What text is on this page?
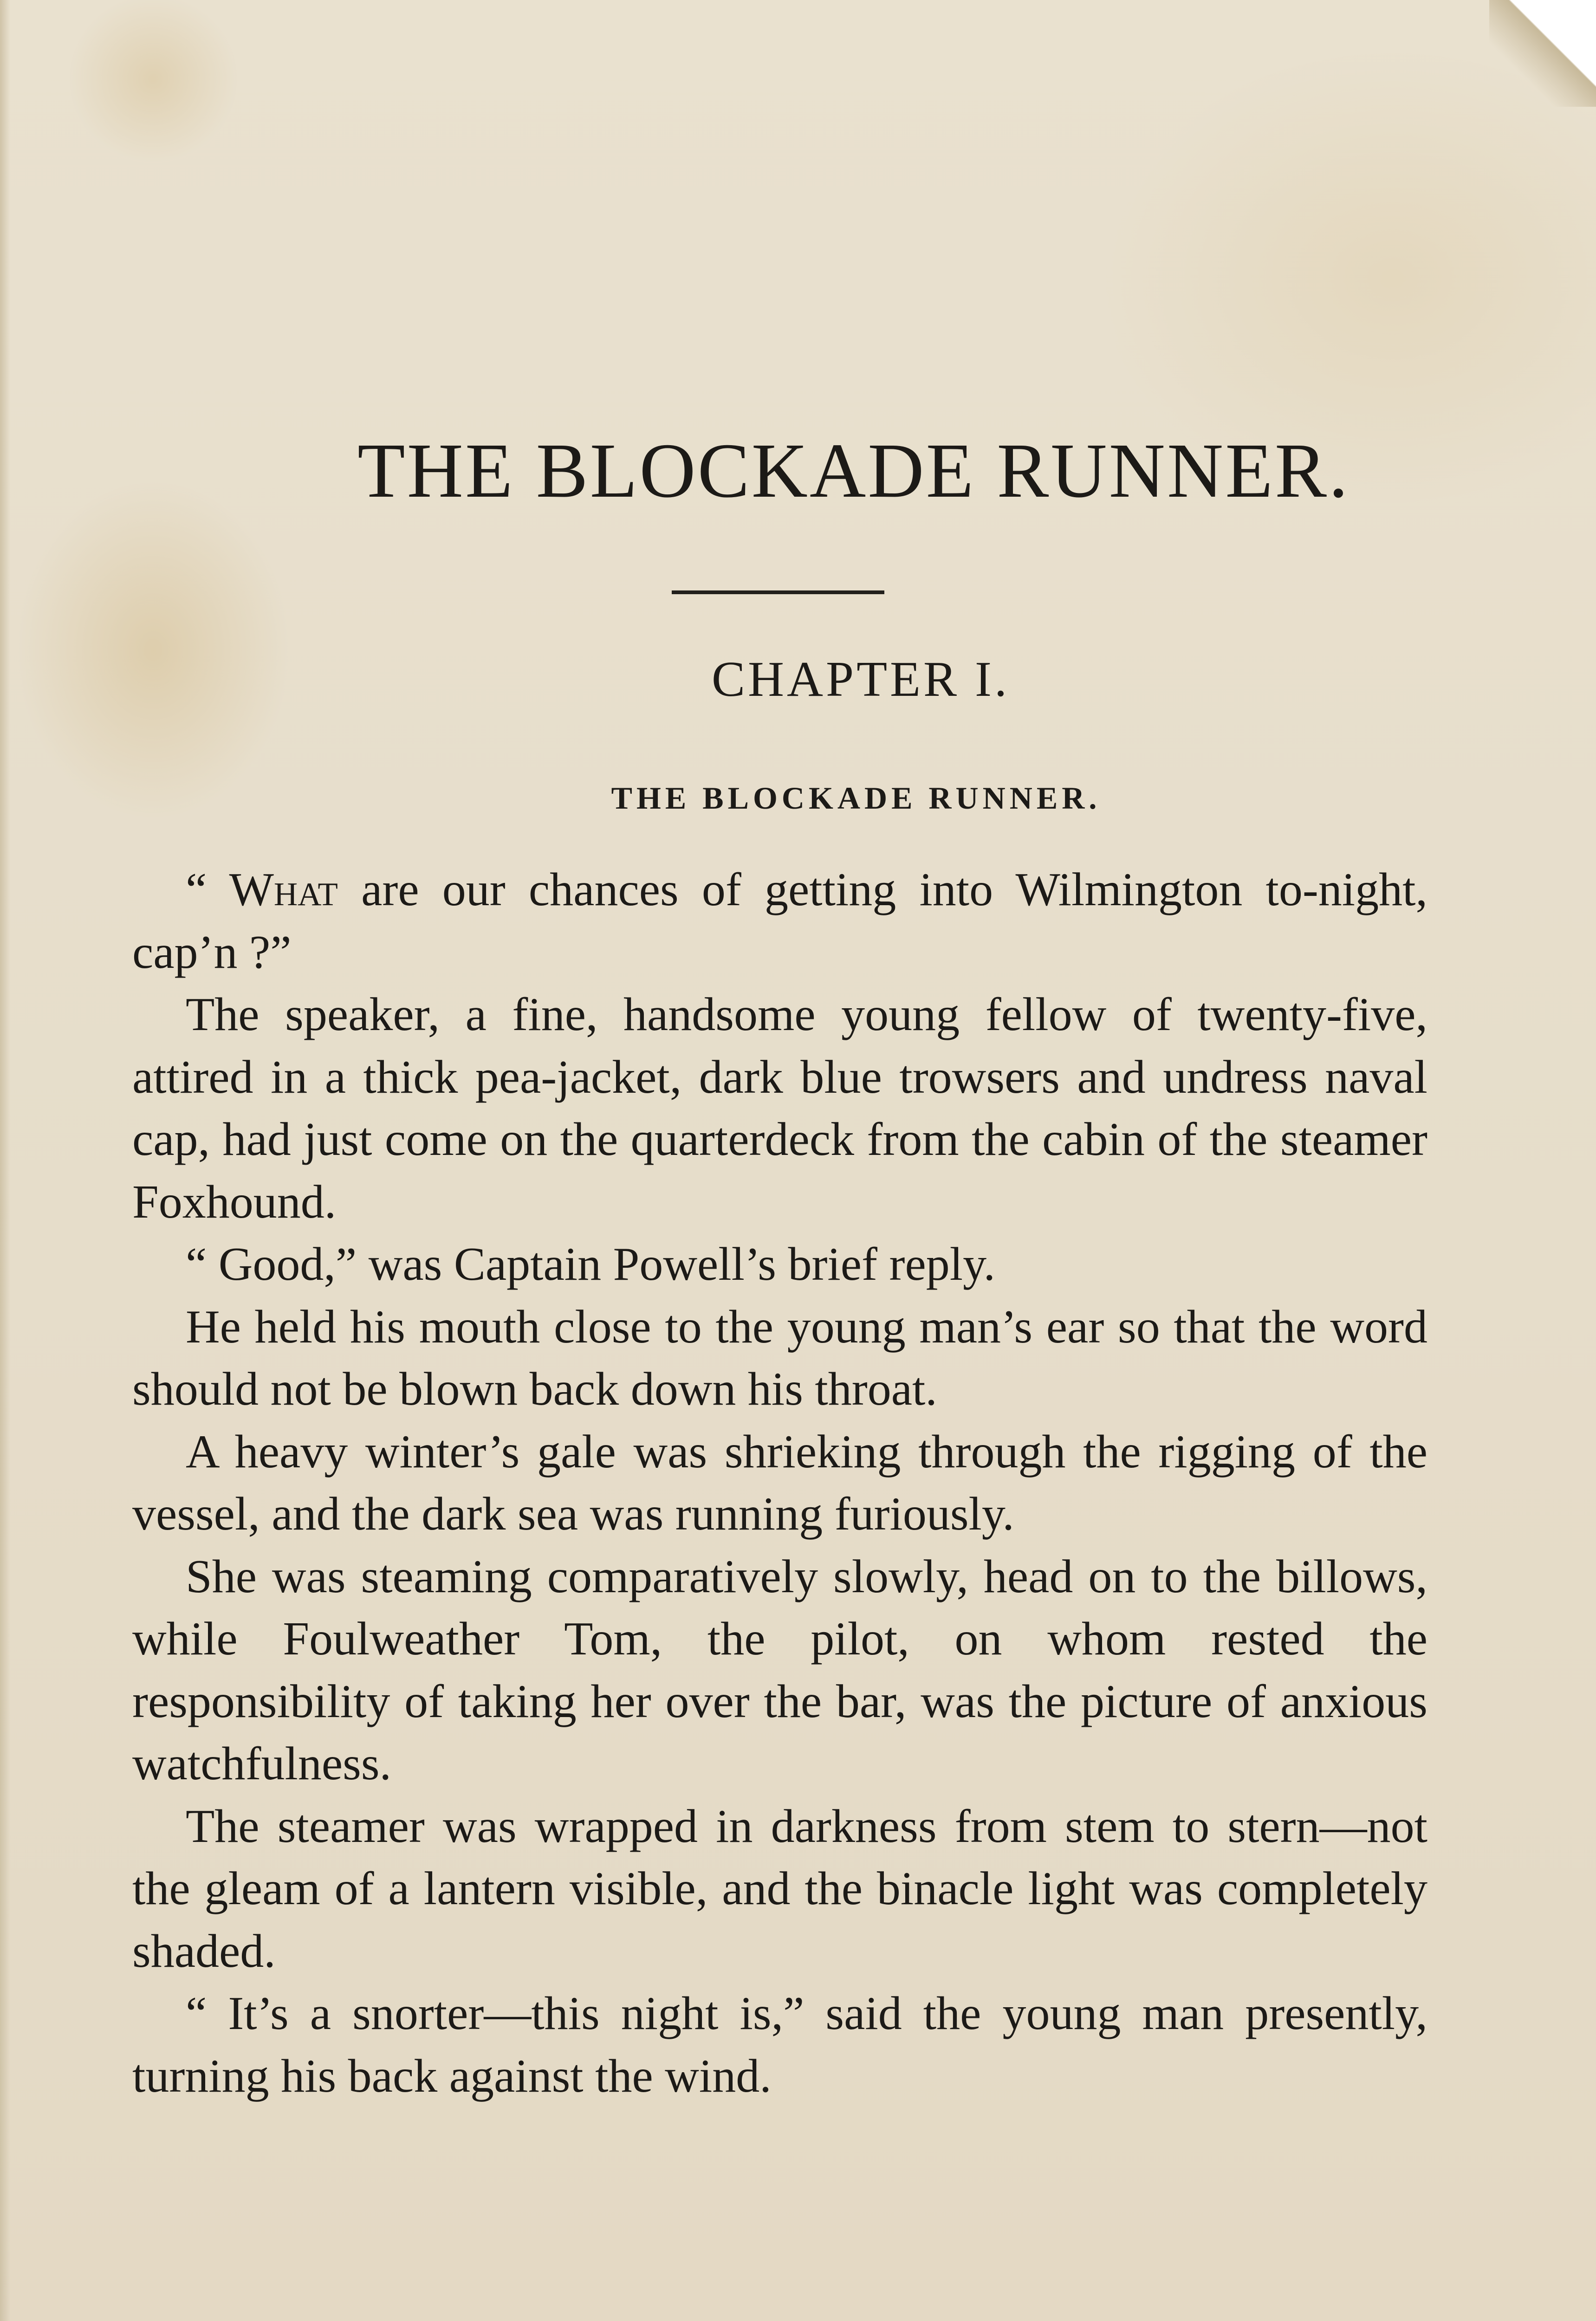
THE BLOCKADE RUNNER.
CHAPTER I.
THE BLOCKADE RUNNER.

“ What are our chances of getting into Wilmington to-night, cap’n ?”

The speaker, a fine, handsome young fellow of twenty-five, attired in a thick pea-jacket, dark blue trowsers and undress naval cap, had just come on the quarterdeck from the cabin of the steamer Foxhound.

“ Good,” was Captain Powell’s brief reply.

He held his mouth close to the young man’s ear so that the word should not be blown back down his throat.

A heavy winter’s gale was shrieking through the rigging of the vessel, and the dark sea was running furiously.

She was steaming comparatively slowly, head on to the billows, while Foulweather Tom, the pilot, on whom rested the responsibility of taking her over the bar, was the picture of anxious watchfulness.

The steamer was wrapped in darkness from stem to stern—not the gleam of a lantern visible, and the binacle light was completely shaded.

“ It’s a snorter—this night is,” said the young man presently, turning his back against the wind.
